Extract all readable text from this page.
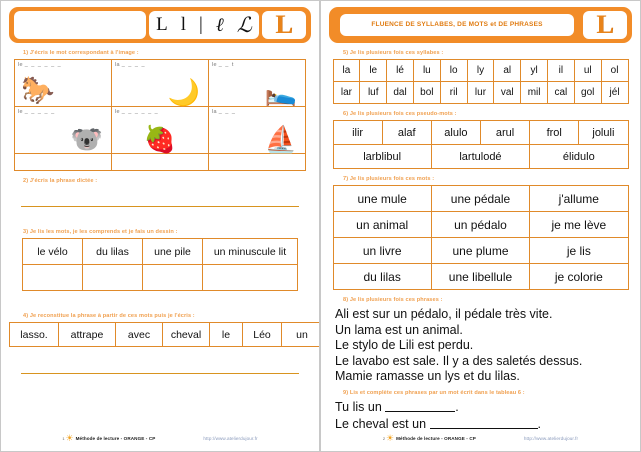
L l | ℓ ℒ L
1) J'écris le mot correspondant à l'image :
le _ _ _ _ _ _
🐎

la _ _ _ _
🌙

le _ _ t
🛌

le _ _ _ _ _
🐨

le _ _ _ _ _ _
🍓

la _ _ _
⛵

2) J'écris la phrase dictée :
3) Je lis les mots, je les comprends et je fais un dessin :
le vélo	du lilas	une pile	un minuscule lit

4) Je reconstitue la phrase à partir de ces mots puis je l'écris :
lasso.	attrape	avec	cheval	le	Léo	un
1 ☀ Méthode de lecture - ORANGE - CP	http://www.atelierdujour.fr
FLUENCE DE SYLLABES, DE MOTS et DE PHRASES	L
5) Je lis plusieurs fois ces syllabes :
la	le	lé	lu	lo	ly	al	yl	il	ul	ol
lar	luf	dal	bol	ril	lur	val	mil	cal	gol	jél
6) Je lis plusieurs fois ces pseudo-mots :
ilir	alaf	alulo	arul	frol	joluli
larblibul		lartulodé		élidulo	
7) Je lis plusieurs fois ces mots :
une mule	une pédale	j'allume
un animal	un pédalo	je me lève
un livre	une plume	je lis
du lilas	une libellule	je colorie
8) Je lis plusieurs fois ces phrases :
Ali est sur un pédalo, il pédale très vite.
Un lama est un animal.
Le stylo de Lili est perdu.
Le lavabo est sale. Il y a des saletés dessus.
Mamie ramasse un lys et du lilas.
9) Lis et complète ces phrases par un mot écrit dans le tableau 6 :
Tu lis un	.
Le cheval est un	.
2 ☀ Méthode de lecture - ORANGE - CP	http://www.atelierdujour.fr
